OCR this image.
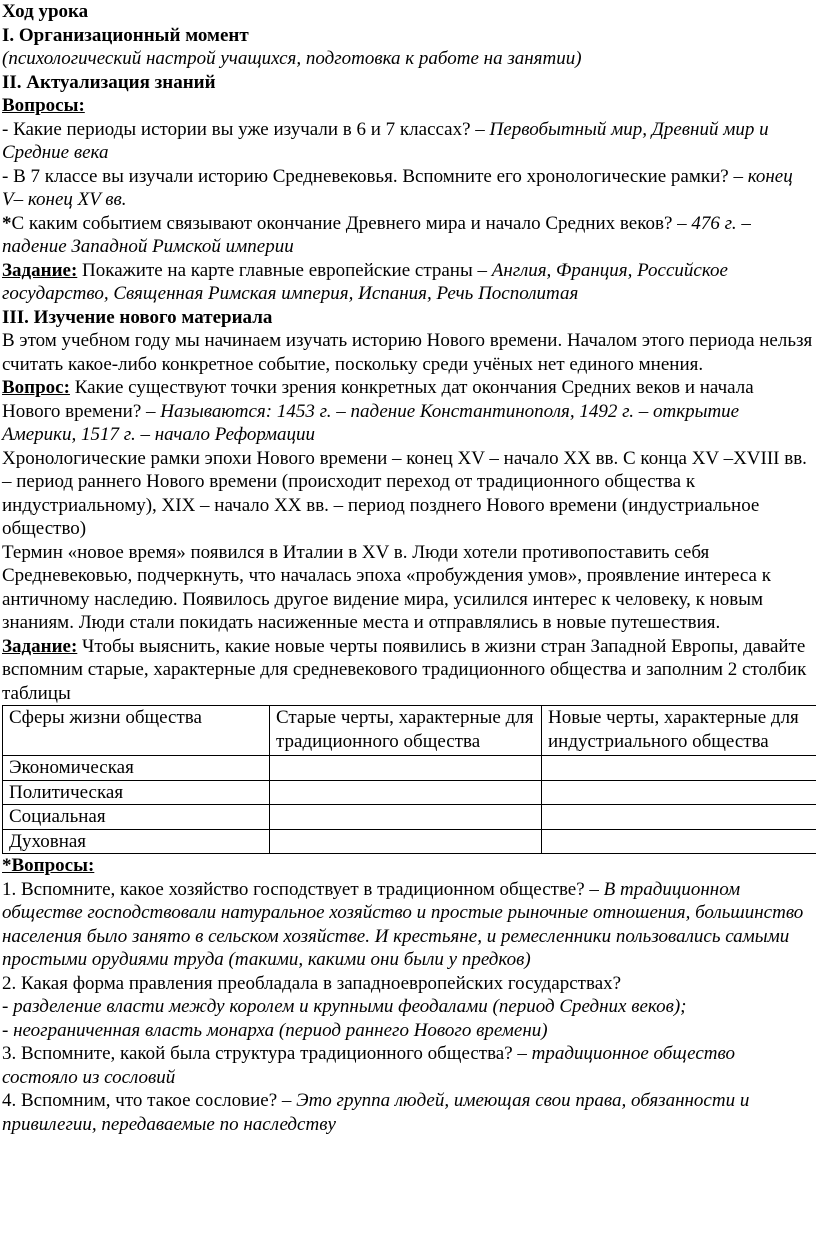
Ход урока

I. Организационный момент

(психологический настрой учащихся, подготовка к работе на занятии)

II. Актуализация знаний

Вопросы:

- Какие периоды истории вы уже изучали в 6 и 7 классах? – Первобытный мир, Древний мир и Средние века

- В 7 классе вы изучали историю Средневековья. Вспомните его хронологические рамки? – конец V– конец XV вв.

*С каким событием связывают окончание Древнего мира и начало Средних веков? – 476 г. – падение Западной Римской империи

Задание: Покажите на карте главные европейские страны – Англия, Франция, Российское государство, Священная Римская империя, Испания, Речь Посполитая

III. Изучение нового материала

В этом учебном году мы начинаем изучать историю Нового времени. Началом этого периода нельзя считать какое-либо конкретное событие, поскольку среди учёных нет единого мнения.

Вопрос: Какие существуют точки зрения конкретных дат окончания Средних веков и начала Нового времени? – Называются: 1453 г. – падение Константинополя, 1492 г. – открытие Америки, 1517 г. – начало Реформации

Хронологические рамки эпохи Нового времени – конец XV – начало XX вв. С конца XV –XVIII вв. – период раннего Нового времени (происходит переход от традиционного общества к индустриальному), XIX – начало XX вв. – период позднего Нового времени (индустриальное общество)

Термин «новое время» появился в Италии в XV в. Люди хотели противопоставить себя Средневековью, подчеркнуть, что началась эпоха «пробуждения умов», проявление интереса к античному наследию. Появилось другое видение мира, усилился интерес к человеку, к новым знаниям. Люди стали покидать насиженные места и отправлялись в новые путешествия.

Задание: Чтобы выяснить, какие новые черты появились в жизни стран Западной Европы, давайте вспомним старые, характерные для средневекового традиционного общества и заполним 2 столбик таблицы

Сферы жизни общества	Старые черты, характерные для традиционного общества	Новые черты, характерные для индустриального общества
Экономическая		
Политическая		
Социальная		
Духовная		

*Вопросы:

1. Вспомните, какое хозяйство господствует в традиционном обществе? – В традиционном обществе господствовали натуральное хозяйство и простые рыночные отношения, большинство населения было занято в сельском хозяйстве. И крестьяне, и ремесленники пользовались самыми простыми орудиями труда (такими, какими они были у предков)

2. Какая форма правления преобладала в западноевропейских государствах?

- разделение власти между королем и крупными феодалами (период Средних веков);

- неограниченная власть монарха (период раннего Нового времени)

3. Вспомните, какой была структура традиционного общества? – традиционное общество состояло из сословий

4. Вспомним, что такое сословие? – Это группа людей, имеющая свои права, обязанности и привилегии, передаваемые по наследству
